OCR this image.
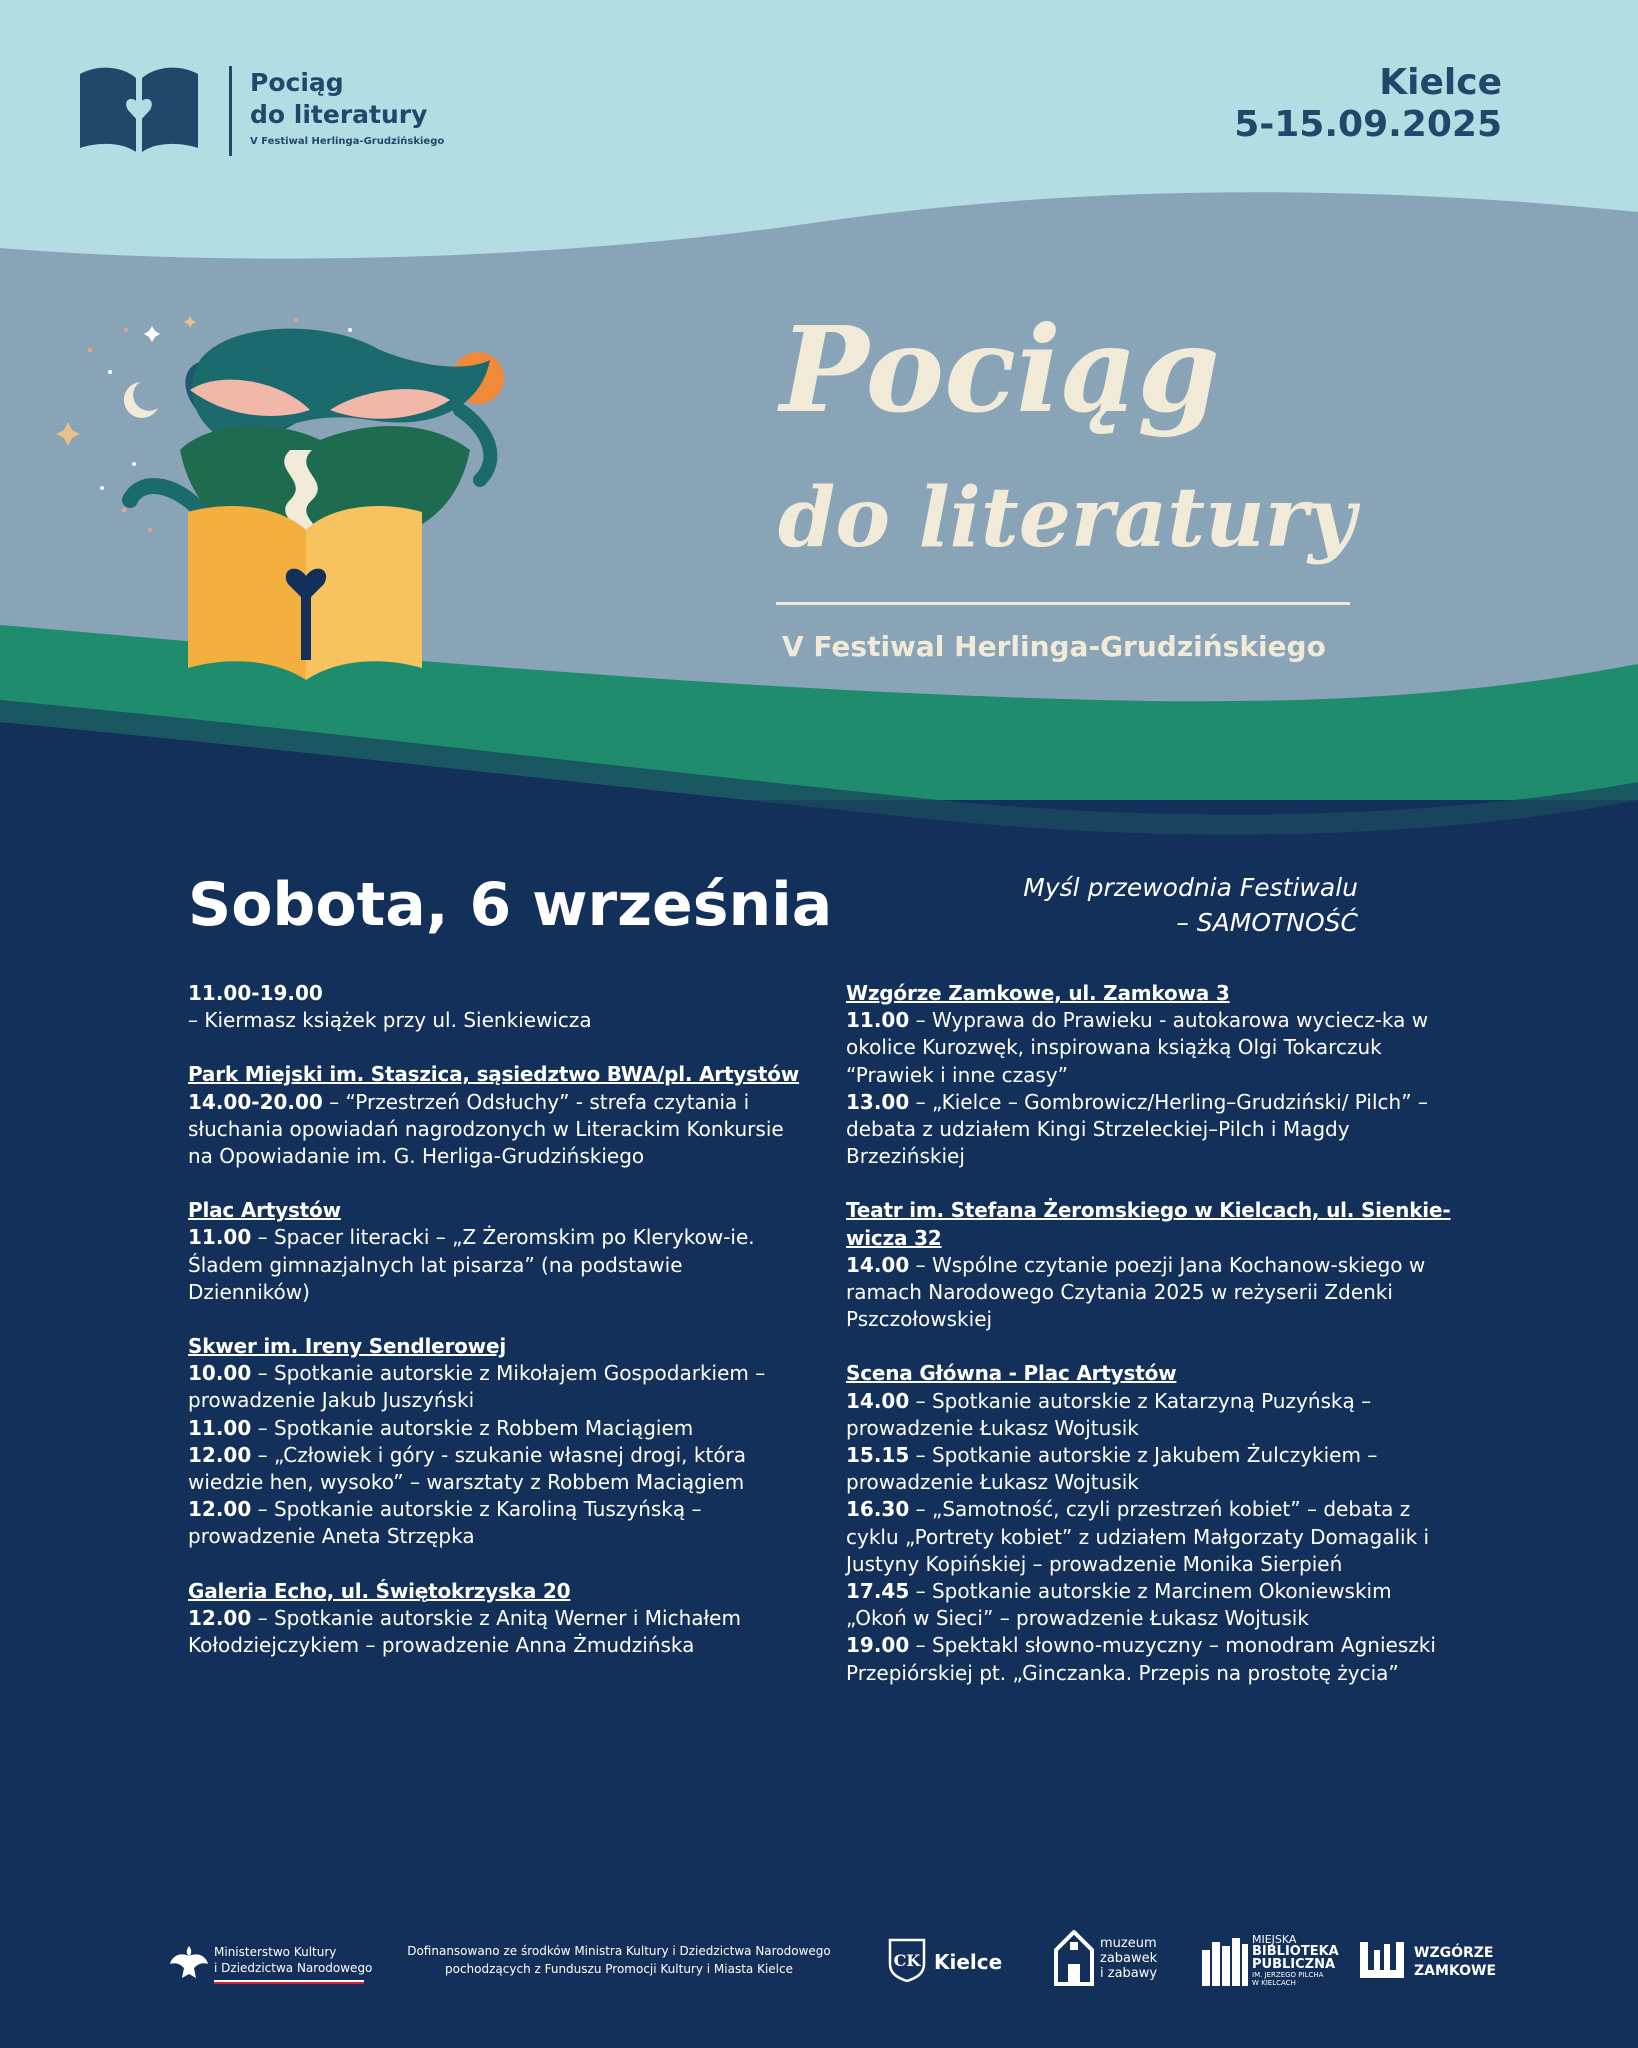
Pociąg
do literatury
V Festiwal Herlinga-Grudzińskiego
Kielce
5-15.09.2025
Pociąg
do literatury
V Festiwal Herlinga-Grudzińskiego
Sobota, 6 września	Myśl przewodnia Festiwalu
– SAMOTNOŚĆ
11.00-19.00
– Kiermasz książek przy ul. Sienkiewicza
Park Miejski im. Staszica, sąsiedztwo BWA/pl. Artystów
14.00-20.00 – “Przestrzeń Odsłuchy” - strefa czytania i słuchania opowiadań nagrodzonych w Literackim Konkursie na Opowiadanie im. G. Herliga-Grudzińskiego
Plac Artystów
11.00 – Spacer literacki – „Z Żeromskim po Klerykow-ie. Śladem gimnazjalnych lat pisarza” (na podstawie Dzienników)
Skwer im. Ireny Sendlerowej
10.00 – Spotkanie autorskie z Mikołajem Gospodarkiem – prowadzenie Jakub Juszyński
11.00 – Spotkanie autorskie z Robbem Maciągiem
12.00 – „Człowiek i góry - szukanie własnej drogi, która wiedzie hen, wysoko” – warsztaty z Robbem Maciągiem
12.00 – Spotkanie autorskie z Karoliną Tuszyńską – prowadzenie Aneta Strzępka
Galeria Echo, ul. Świętokrzyska 20
12.00 – Spotkanie autorskie z Anitą Werner i Michałem Kołodziejczykiem – prowadzenie Anna Żmudzińska
Wzgórze Zamkowe, ul. Zamkowa 3
11.00 – Wyprawa do Prawieku - autokarowa wyciecz-ka w okolice Kurozwęk, inspirowana książką Olgi Tokarczuk “Prawiek i inne czasy”
13.00 – „Kielce – Gombrowicz/Herling–Grudziński/ Pilch” – debata z udziałem Kingi Strzeleckiej–Pilch i Magdy Brzezińskiej
Teatr im. Stefana Żeromskiego w Kielcach, ul. Sienkie-
wicza 32
14.00 – Wspólne czytanie poezji Jana Kochanow-skiego w ramach Narodowego Czytania 2025 w reżyserii Zdenki Pszczołowskiej
Scena Główna - Plac Artystów
14.00 – Spotkanie autorskie z Katarzyną Puzyńską – prowadzenie Łukasz Wojtusik
15.15 – Spotkanie autorskie z Jakubem Żulczykiem – prowadzenie Łukasz Wojtusik
16.30 – „Samotność, czyli przestrzeń kobiet” – debata z cyklu „Portrety kobiet” z udziałem Małgorzaty Domagalik i Justyny Kopińskiej – prowadzenie Monika Sierpień
17.45 – Spotkanie autorskie z Marcinem Okoniewskim „Okoń w Sieci” – prowadzenie Łukasz Wojtusik
19.00 – Spektakl słowno-muzyczny – monodram Agnieszki Przepiórskiej pt. „Ginczanka. Przepis na prostotę życia”
Ministerstwo Kultury
i Dziedzictwa Narodowego
Dofinansowano ze środków Ministra Kultury i Dziedzictwa Narodowego
pochodzących z Funduszu Promocji Kultury i Miasta Kielce	CK Kielce
muzeum
zabawek
i zabawy
MIEJSKA
BIBLIOTEKA
PUBLICZNA
IM. JERZEGO PILCHA
W KIELCACH
WZGÓRZE
ZAMKOWE
